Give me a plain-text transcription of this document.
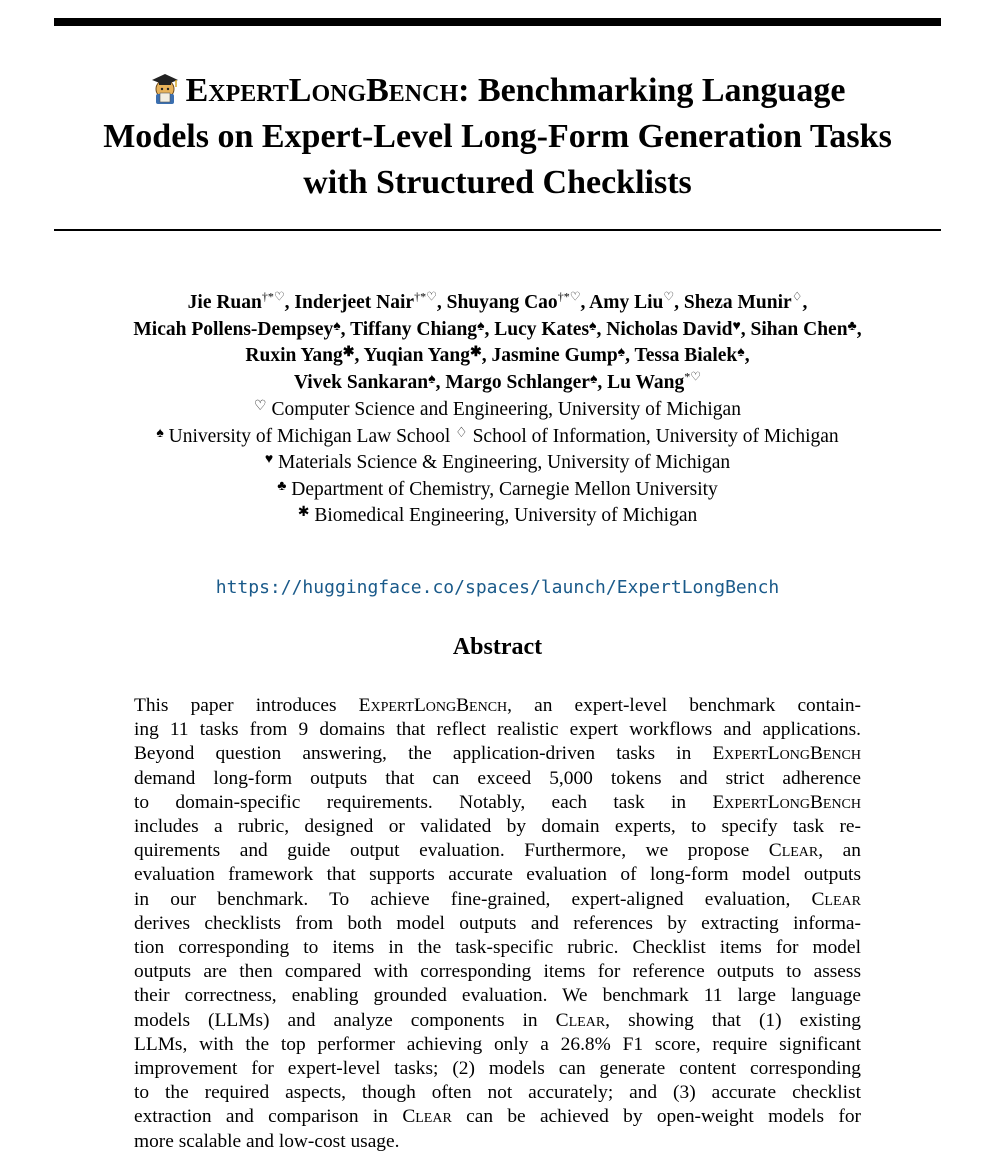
ExpertLongBench: Benchmarking Language
Models on Expert-Level Long-Form Generation Tasks
with Structured Checklists
Jie Ruan†*♡, Inderjeet Nair†*♡, Shuyang Cao†*♡, Amy Liu♡, Sheza Munir♢,
Micah Pollens-Dempsey♠, Tiffany Chiang♠, Lucy Kates♠, Nicholas David♥, Sihan Chen♣,
Ruxin Yang✱, Yuqian Yang✱, Jasmine Gump♠, Tessa Bialek♠,
Vivek Sankaran♠, Margo Schlanger♠, Lu Wang*♡
♡ Computer Science and Engineering, University of Michigan
♠ University of Michigan Law School ♢ School of Information, University of Michigan
♥ Materials Science & Engineering, University of Michigan
♣ Department of Chemistry, Carnegie Mellon University
✱ Biomedical Engineering, University of Michigan
https://huggingface.co/spaces/launch/ExpertLongBench
Abstract
This paper introduces ExpertLongBench, an expert-level benchmark contain-
ing 11 tasks from 9 domains that reflect realistic expert workflows and applications.
Beyond question answering, the application-driven tasks in ExpertLongBench
demand long-form outputs that can exceed 5,000 tokens and strict adherence
to domain-specific requirements. Notably, each task in ExpertLongBench
includes a rubric, designed or validated by domain experts, to specify task re-
quirements and guide output evaluation. Furthermore, we propose Clear, an
evaluation framework that supports accurate evaluation of long-form model outputs
in our benchmark. To achieve fine-grained, expert-aligned evaluation, Clear
derives checklists from both model outputs and references by extracting informa-
tion corresponding to items in the task-specific rubric. Checklist items for model
outputs are then compared with corresponding items for reference outputs to assess
their correctness, enabling grounded evaluation. We benchmark 11 large language
models (LLMs) and analyze components in Clear, showing that (1) existing
LLMs, with the top performer achieving only a 26.8% F1 score, require significant
improvement for expert-level tasks; (2) models can generate content corresponding
to the required aspects, though often not accurately; and (3) accurate checklist
extraction and comparison in Clear can be achieved by open-weight models for
more scalable and low-cost usage.
